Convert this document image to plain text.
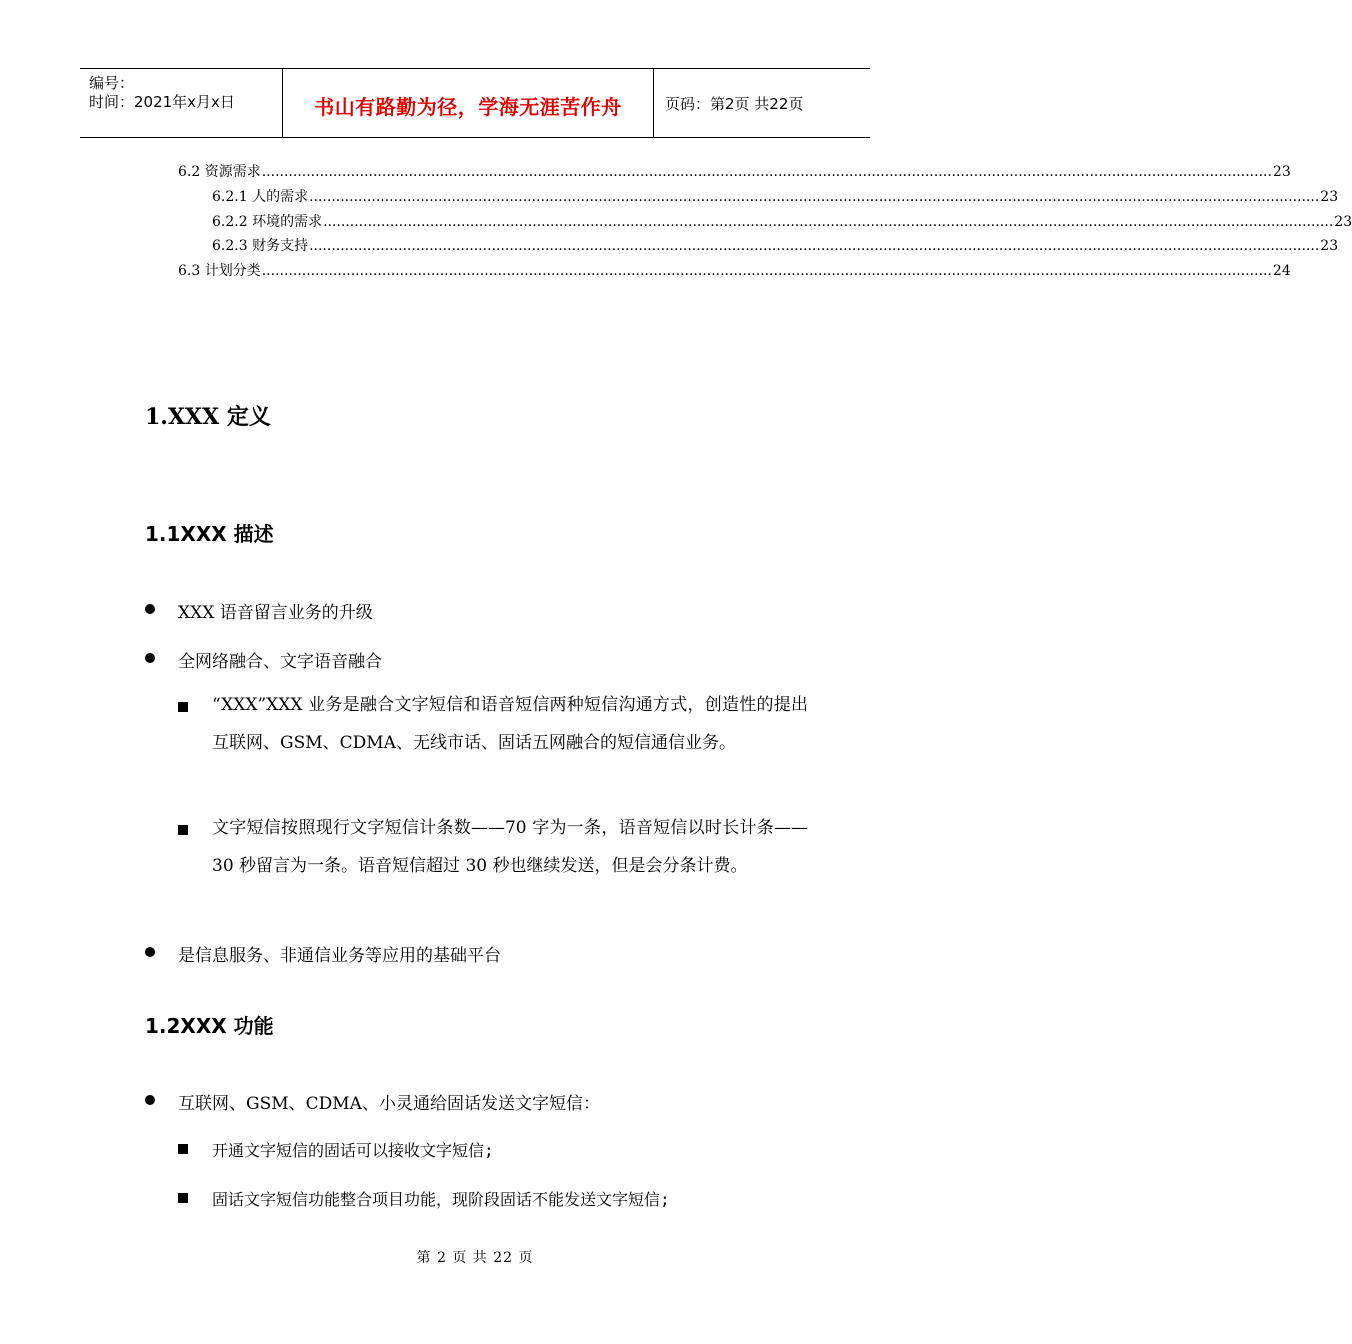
编号：
时间：2021年x月x日	书山有路勤为径，学海无涯苦作舟	页码：第2页 共22页
6.2 资源需求 ................................................................................................................................................................................................................................... 23
6.2.1 人的需求 ................................................................................................................................................................................................................................... 23
6.2.2 环境的需求 ................................................................................................................................................................................................................................... 23
6.2.3 财务支持 ................................................................................................................................................................................................................................... 23
6.3 计划分类 ................................................................................................................................................................................................................................... 24
1.XXX 定义
1.1XXX 描述
XXX 语音留言业务的升级
全网络融合、文字语音融合
“XXX”XXX 业务是融合文字短信和语音短信两种短信沟通方式，创造性的提出互联网、GSM、CDMA、无线市话、固话五网融合的短信通信业务。
文字短信按照现行文字短信计条数——70 字为一条，语音短信以时长计条——30 秒留言为一条。语音短信超过 30 秒也继续发送，但是会分条计费。
是信息服务、非通信业务等应用的基础平台
1.2XXX 功能
互联网、GSM、CDMA、小灵通给固话发送文字短信：
开通文字短信的固话可以接收文字短信;
固话文字短信功能整合项目功能，现阶段固话不能发送文字短信;
第 2 页 共 22 页
